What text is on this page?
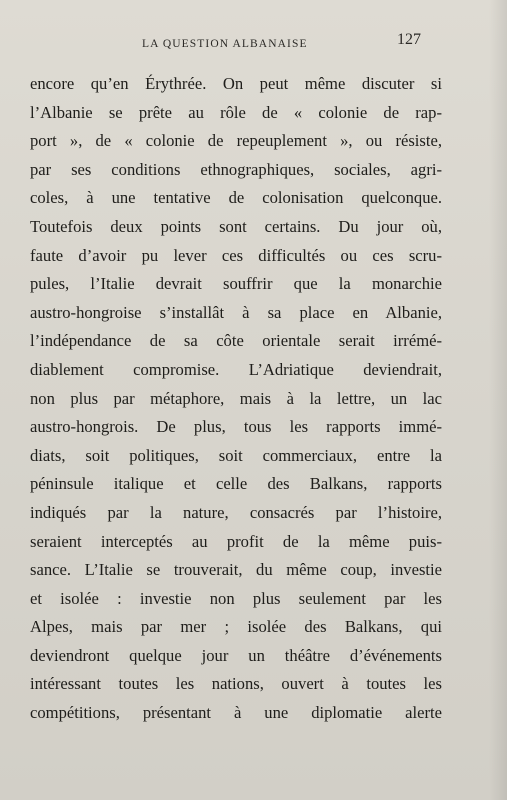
LA QUESTION ALBANAISE	127
encore qu’en Érythrée. On peut même discuter si
l’Albanie se prête au rôle de « colonie de rap-
port », de « colonie de repeuplement », ou résiste,
par ses conditions ethnographiques, sociales, agri-
coles, à une tentative de colonisation quelconque.
Toutefois deux points sont certains. Du jour où,
faute d’avoir pu lever ces difficultés ou ces scru-
pules, l’Italie devrait souffrir que la monarchie
austro-hongroise s’installât à sa place en Albanie,
l’indépendance de sa côte orientale serait irrémé-
diablement compromise. L’Adriatique deviendrait,
non plus par métaphore, mais à la lettre, un lac
austro-hongrois. De plus, tous les rapports immé-
diats, soit politiques, soit commerciaux, entre la
péninsule italique et celle des Balkans, rapports
indiqués par la nature, consacrés par l’histoire,
seraient interceptés au profit de la même puis-
sance. L’Italie se trouverait, du même coup, investie
et isolée : investie non plus seulement par les
Alpes, mais par mer ; isolée des Balkans, qui
deviendront quelque jour un théâtre d’événements
intéressant toutes les nations, ouvert à toutes les
compétitions, présentant à une diplomatie alerte
